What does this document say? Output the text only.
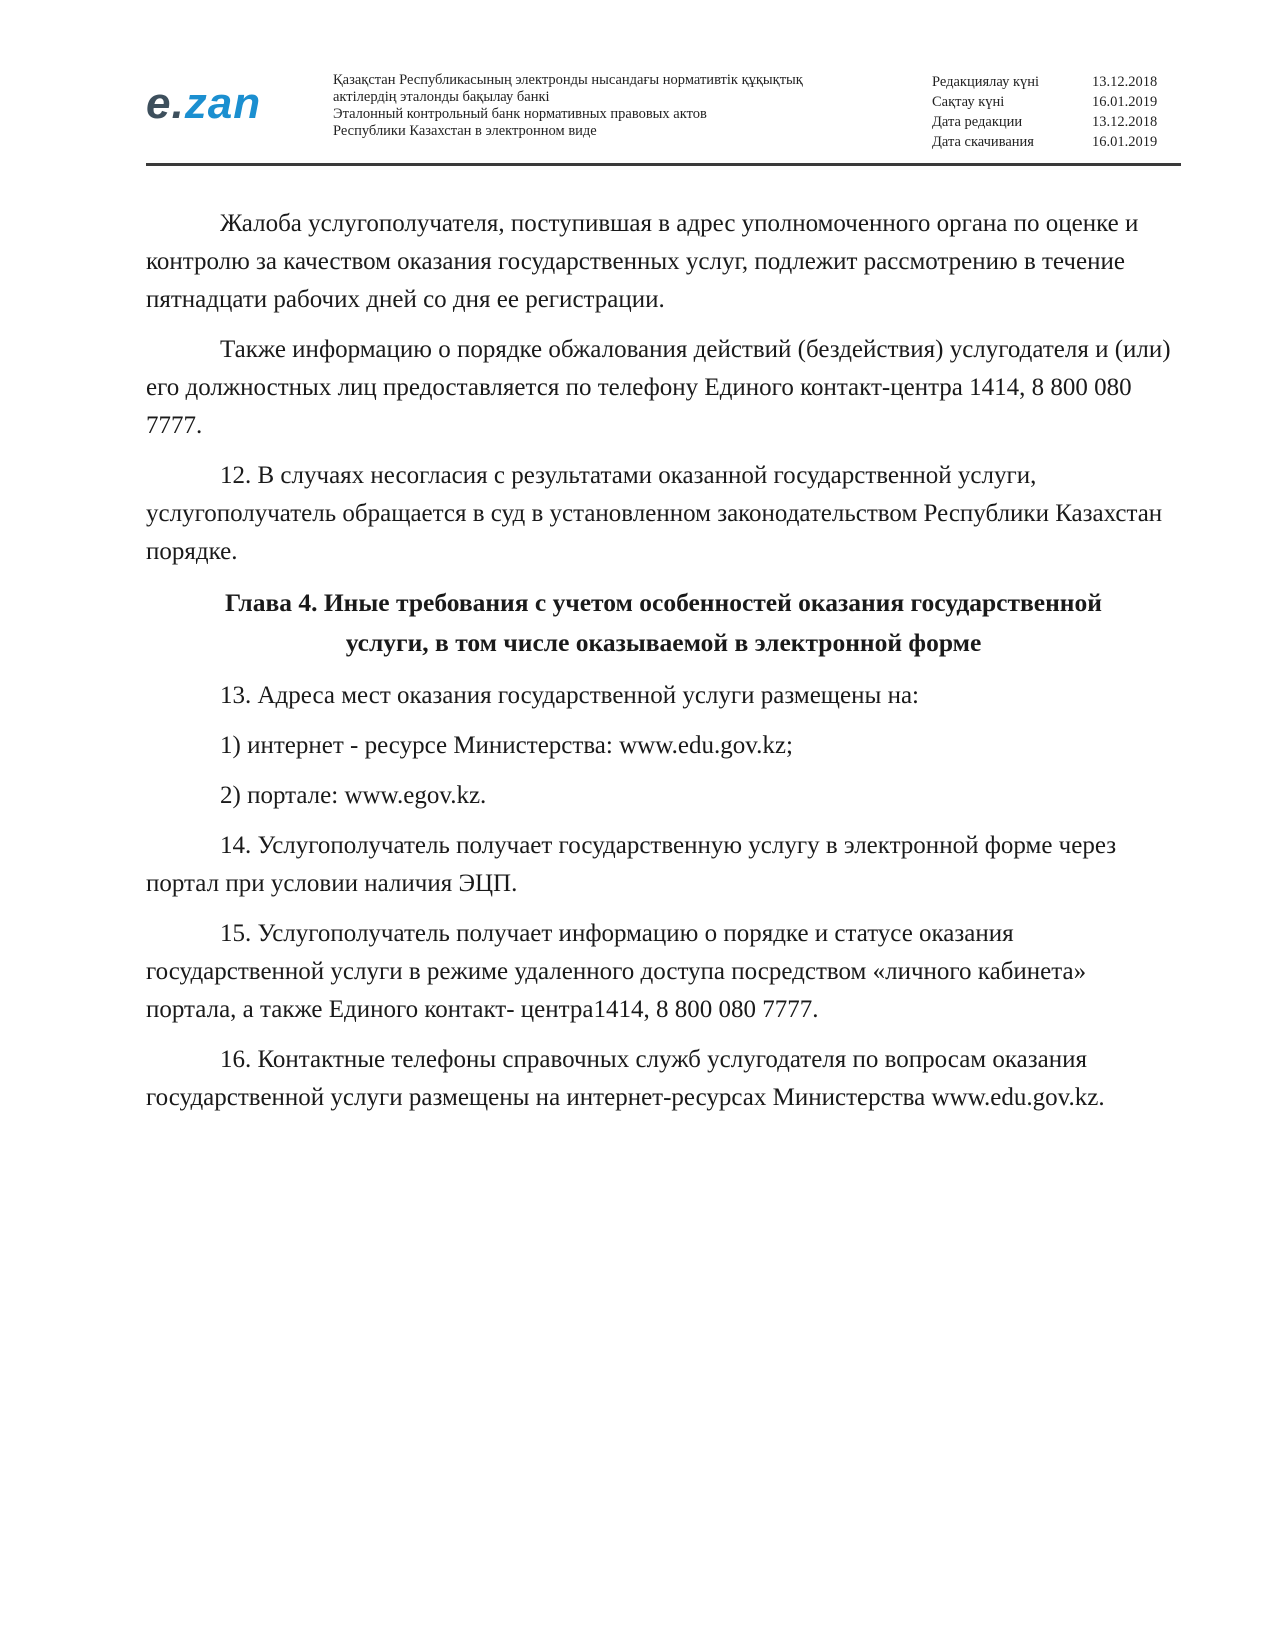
e.zan	Қазақстан Республикасының электронды нысандағы нормативтік құқықтық
актілердің эталонды бақылау банкі
Эталонный контрольный банк нормативных правовых актов
Республики Казахстан в электронном виде
Редакциялау күні	13.12.2018
Сақтау күні	16.01.2019
Дата редакции	13.12.2018
Дата скачивания	16.01.2019

Жалоба услугополучателя, поступившая в адрес уполномоченного органа по оценке и контролю за качеством оказания государственных услуг, подлежит рассмотрению в течение пятнадцати рабочих дней со дня ее регистрации.

Также информацию о порядке обжалования действий (бездействия) услугодателя и (или) его должностных лиц предоставляется по телефону Единого контакт-центра 1414, 8 800 080 7777.

12. В случаях несогласия с результатами оказанной государственной услуги, услугополучатель обращается в суд в установленном законодательством Республики Казахстан порядке.

Глава 4. Иные требования с учетом особенностей оказания государственной
услуги, в том числе оказываемой в электронной форме

13. Адреса мест оказания государственной услуги размещены на:

1) интернет - ресурсе Министерства: www.edu.gov.kz;

2) портале: www.egov.kz.

14. Услугополучатель получает государственную услугу в электронной форме через портал при условии наличия ЭЦП.

15. Услугополучатель получает информацию о порядке и статусе оказания государственной услуги в режиме удаленного доступа посредством «личного кабинета» портала, а также Единого контакт- центра1414, 8 800 080 7777.

16. Контактные телефоны справочных служб услугодателя по вопросам оказания государственной услуги размещены на интернет-ресурсах Министерства www.edu.gov.kz.
